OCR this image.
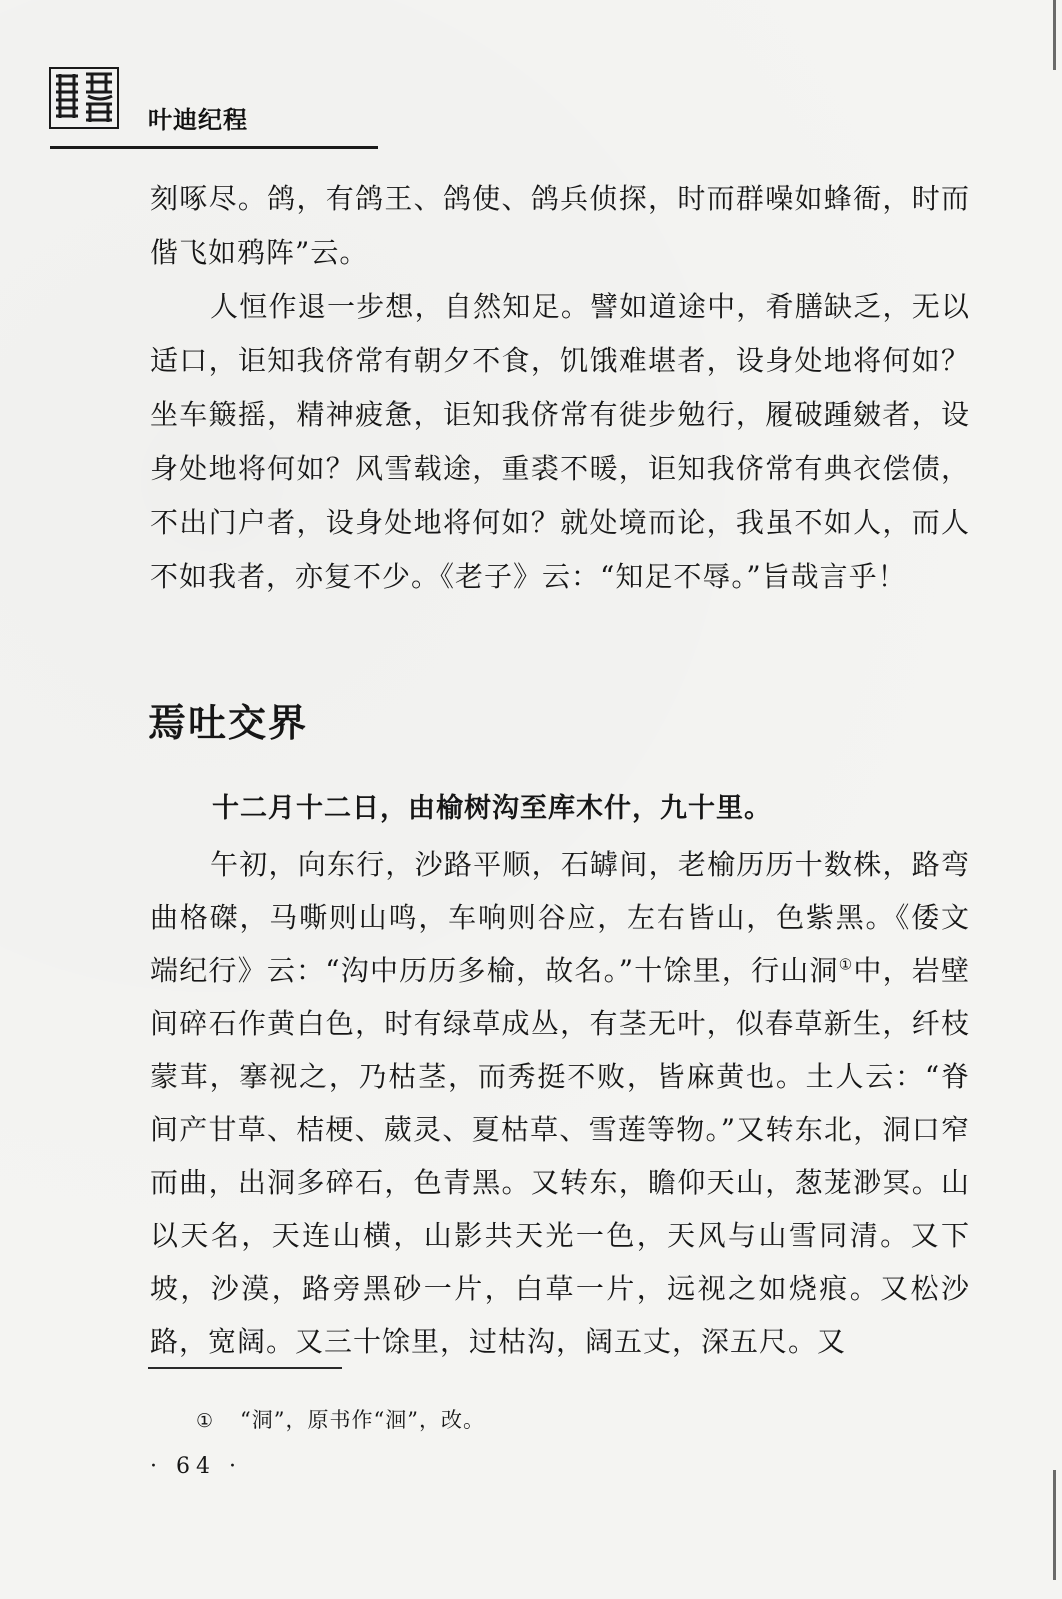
叶迪纪程
刻啄尽。鸽，有鸽王、鸽使、鸽兵侦探，时而群噪如蜂衙，时而偕飞如鸦阵”云。
人恒作退一步想，自然知足。譬如道途中，肴膳缺乏，无以适口，讵知我侪常有朝夕不食，饥饿难堪者，设身处地将何如？坐车簸摇，精神疲惫，讵知我侪常有徙步勉行，履破踵皴者，设身处地将何如？风雪载途，重裘不暖，讵知我侪常有典衣偿债，不出门户者，设身处地将何如？就处境而论，我虽不如人，而人不如我者，亦复不少。《老子》云：“知足不辱。”旨哉言乎！
焉吐交界
十二月十二日，由榆树沟至库木什，九十里。
午初，向东行，沙路平顺，石罅间，老榆历历十数株，路弯曲格磔，马嘶则山鸣，车响则谷应，左右皆山，色紫黑。《倭文端纪行》云：“沟中历历多榆，故名。”十馀里，行山洞①中，岩壁间碎石作黄白色，时有绿草成丛，有茎无叶，似春草新生，纤枝蒙茸，搴视之，乃枯茎，而秀挺不败，皆麻黄也。土人云：“脊间产甘草、桔梗、葳灵、夏枯草、雪莲等物。”又转东北，洞口窄而曲，出洞多碎石，色青黑。又转东，瞻仰天山，葱茏渺冥。山以天名，天连山横，山影共天光一色，天风与山雪同清。又下坡，沙漠，路旁黑砂一片，白草一片，远视之如烧痕。又松沙路，宽阔。又三十馀里，过枯沟，阔五丈，深五尺。又
① “洞”，原书作“洄”，改。
· 64 ·
